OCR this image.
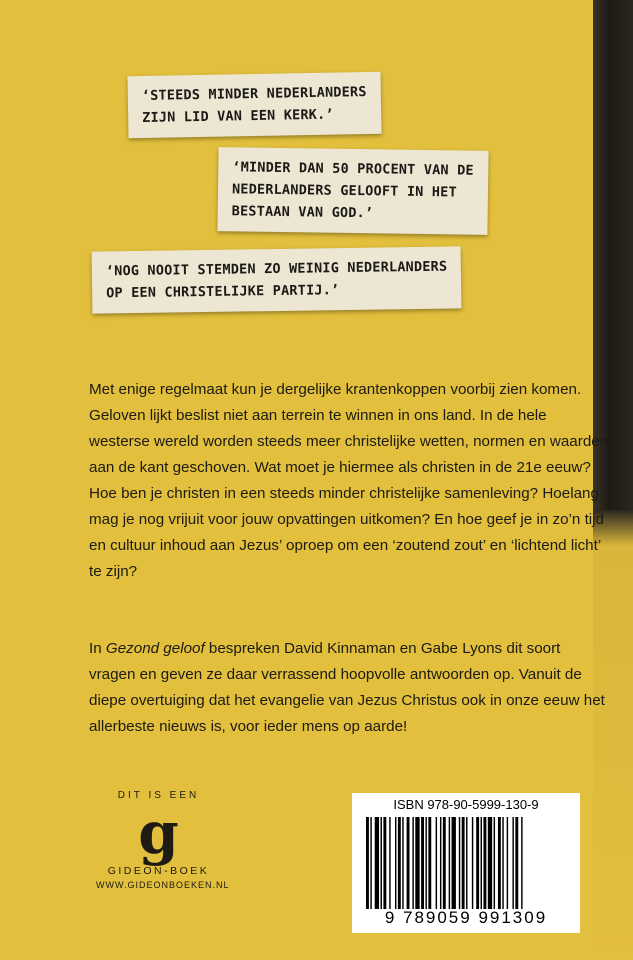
‘STEEDS MINDER NEDERLANDERS
ZIJN LID VAN EEN KERK.’
‘MINDER DAN 50 PROCENT VAN DE
NEDERLANDERS GELOOFT IN HET
BESTAAN VAN GOD.’
‘NOG NOOIT STEMDEN ZO WEINIG NEDERLANDERS
OP EEN CHRISTELIJKE PARTIJ.’

Met enige regelmaat kun je dergelijke krantenkoppen voorbij zien komen. Geloven lijkt beslist niet aan terrein te winnen in ons land. In de hele westerse wereld worden steeds meer christelijke wetten, normen en waarden aan de kant geschoven. Wat moet je hiermee als christen in de 21e eeuw? Hoe ben je christen in een steeds minder christelijke samenleving? Hoelang mag je nog vrijuit voor jouw opvattingen uitkomen? En hoe geef je in zo’n tijd en cultuur inhoud aan Jezus’ oproep om een ‘zoutend zout’ en ‘lichtend licht’ te zijn?

In Gezond geloof bespreken David Kinnaman en Gabe Lyons dit soort vragen en geven ze daar verrassend hoopvolle antwoorden op. Vanuit de diepe overtuiging dat het evangelie van Jezus Christus ook in onze eeuw het allerbeste nieuws is, voor ieder mens op aarde!

DIT IS EEN
g
GIDEON-BOEK
WWW.GIDEONBOEKEN.NL
ISBN 978-90-5999-130-9
9 789059 991309
